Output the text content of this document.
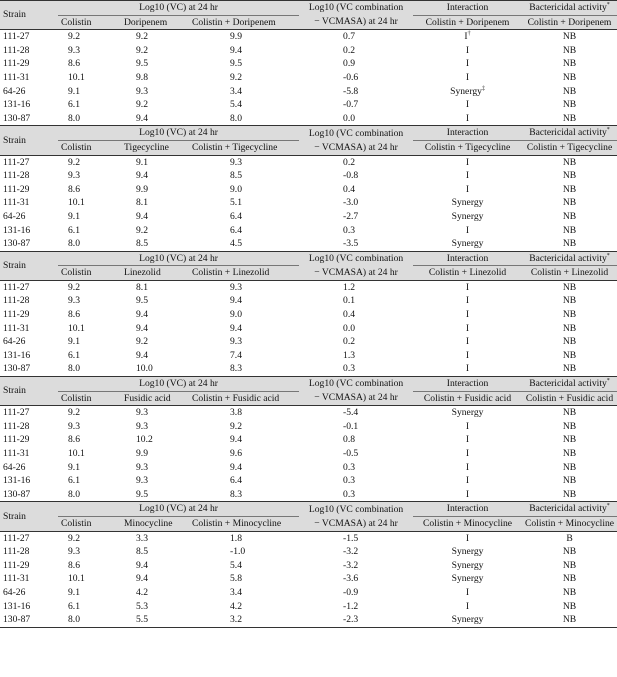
Strain	Log10 (VC) at 24 hr			Log10 (VC combination	Interaction	Bactericidal activity*
	Colistin	Doripenem	Colistin + Doripenem	− VCMASA) at 24 hr	Colistin + Doripenem	Colistin + Doripenem
111-27	9.2	9.2	9.9	0.7	I†	NB
111-28	9.3	9.2	9.4	0.2	I	NB
111-29	8.6	9.5	9.5	0.9	I	NB
111-31	10.1	9.8	9.2	-0.6	I	NB
64-26	9.1	9.3	3.4	-5.8	Synergy‡	NB
131-16	6.1	9.2	5.4	-0.7	I	NB
130-87	8.0	9.4	8.0	0.0	I	NB
Strain	Log10 (VC) at 24 hr			Log10 (VC combination	Interaction	Bactericidal activity*
	Colistin	Tigecycline	Colistin + Tigecycline	− VCMASA) at 24 hr	Colistin + Tigecycline	Colistin + Tigecycline
111-27	9.2	9.1	9.3	0.2	I	NB
111-28	9.3	9.4	8.5	-0.8	I	NB
111-29	8.6	9.9	9.0	0.4	I	NB
111-31	10.1	8.1	5.1	-3.0	Synergy	NB
64-26	9.1	9.4	6.4	-2.7	Synergy	NB
131-16	6.1	9.2	6.4	0.3	I	NB
130-87	8.0	8.5	4.5	-3.5	Synergy	NB
Strain	Log10 (VC) at 24 hr			Log10 (VC combination	Interaction	Bactericidal activity*
	Colistin	Linezolid	Colistin + Linezolid	− VCMASA) at 24 hr	Colistin + Linezolid	Colistin + Linezolid
111-27	9.2	8.1	9.3	1.2	I	NB
111-28	9.3	9.5	9.4	0.1	I	NB
111-29	8.6	9.4	9.0	0.4	I	NB
111-31	10.1	9.4	9.4	0.0	I	NB
64-26	9.1	9.2	9.3	0.2	I	NB
131-16	6.1	9.4	7.4	1.3	I	NB
130-87	8.0	10.0	8.3	0.3	I	NB
Strain	Log10 (VC) at 24 hr			Log10 (VC combination	Interaction	Bactericidal activity*
	Colistin	Fusidic acid	Colistin + Fusidic acid	− VCMASA) at 24 hr	Colistin + Fusidic acid	Colistin + Fusidic acid
111-27	9.2	9.3	3.8	-5.4	Synergy	NB
111-28	9.3	9.3	9.2	-0.1	I	NB
111-29	8.6	10.2	9.4	0.8	I	NB
111-31	10.1	9.9	9.6	-0.5	I	NB
64-26	9.1	9.3	9.4	0.3	I	NB
131-16	6.1	9.3	6.4	0.3	I	NB
130-87	8.0	9.5	8.3	0.3	I	NB
Strain	Log10 (VC) at 24 hr			Log10 (VC combination	Interaction	Bactericidal activity*
	Colistin	Minocycline	Colistin + Minocycline	− VCMASA) at 24 hr	Colistin + Minocycline	Colistin + Minocycline
111-27	9.2	3.3	1.8	-1.5	I	B
111-28	9.3	8.5	-1.0	-3.2	Synergy	NB
111-29	8.6	9.4	5.4	-3.2	Synergy	NB
111-31	10.1	9.4	5.8	-3.6	Synergy	NB
64-26	9.1	4.2	3.4	-0.9	I	NB
131-16	6.1	5.3	4.2	-1.2	I	NB
130-87	8.0	5.5	3.2	-2.3	Synergy	NB
